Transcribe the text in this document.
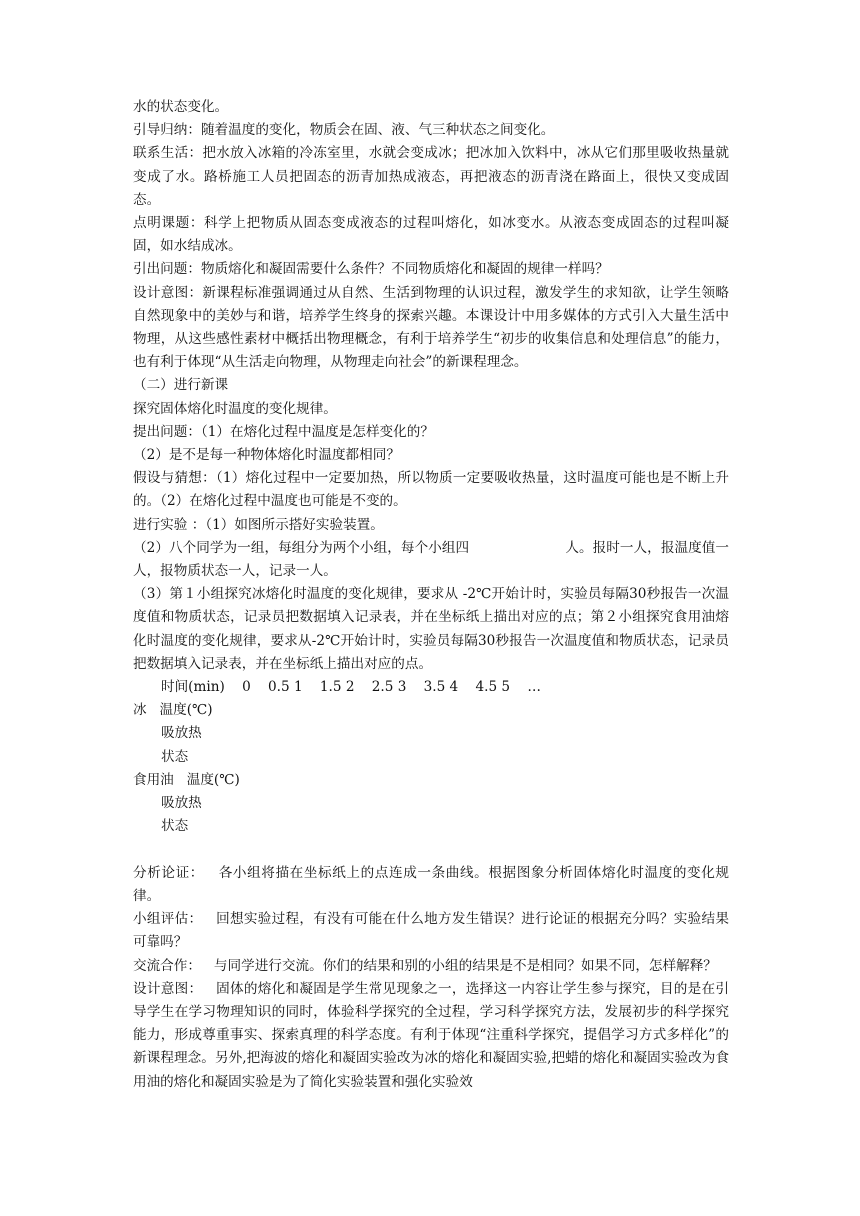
水的状态变化。

引导归纳：随着温度的变化，物质会在固、液、气三种状态之间变化。

联系生活：把水放入冰箱的冷冻室里，水就会变成冰；把冰加入饮料中，冰从它们那里吸收热量就变成了水。路桥施工人员把固态的沥青加热成液态，再把液态的沥青浇在路面上，很快又变成固态。

点明课题：科学上把物质从固态变成液态的过程叫熔化，如冰变水。从液态变成固态的过程叫凝固，如水结成冰。

引出问题：物质熔化和凝固需要什么条件？不同物质熔化和凝固的规律一样吗？

设计意图：新课程标准强调通过从自然、生活到物理的认识过程，激发学生的求知欲，让学生领略自然现象中的美妙与和谐，培养学生终身的探索兴趣。本课设计中用多媒体的方式引入大量生活中物理，从这些感性素材中概括出物理概念，有利于培养学生“初步的收集信息和处理信息”的能力，也有利于体现“从生活走向物理，从物理走向社会”的新课程理念。

（二）进行新课

探究固体熔化时温度的变化规律。

提出问题：（1）在熔化过程中温度是怎样变化的？

（2）是不是每一种物体熔化时温度都相同？

假设与猜想：（1）熔化过程中一定要加热，所以物质一定要吸收热量，这时温度可能也是不断上升的。（2）在熔化过程中温度也可能是不变的。

进行实验 ：（1）如图所示搭好实验装置。

（2）八个同学为一组，每组分为两个小组，每个小组四                      人。报时一人，报温度值一人，报物质状态一人，记录一人。

（3）第１小组探究冰熔化时温度的变化规律，要求从 -2℃开始计时，实验员每隔30秒报告一次温度值和物质状态，记录员把数据填入记录表，并在坐标纸上描出对应的点；第２小组探究食用油熔化时温度的变化规律，要求从-2℃开始计时，实验员每隔30秒报告一次温度值和物质状态，记录员把数据填入记录表，并在坐标纸上描出对应的点。

时间(min)    0    0.5 1    1.5 2    2.5 3    3.5 4    4.5 5    …

冰   温度(℃)

吸放热

状态

食用油   温度(℃)

吸放热

状态

分析论证：   各小组将描在坐标纸上的点连成一条曲线。根据图象分析固体熔化时温度的变化规律。

小组评估：   回想实验过程，有没有可能在什么地方发生错误？进行论证的根据充分吗？实验结果可靠吗？

交流合作：   与同学进行交流。你们的结果和别的小组的结果是不是相同？如果不同，怎样解释？

设计意图：   固体的熔化和凝固是学生常见现象之一，选择这一内容让学生参与探究，目的是在引导学生在学习物理知识的同时，体验科学探究的全过程，学习科学探究方法，发展初步的科学探究能力，形成尊重事实、探索真理的科学态度。有利于体现“注重科学探究，提倡学习方式多样化”的新课程理念。另外,把海波的熔化和凝固实验改为冰的熔化和凝固实验,把蜡的熔化和凝固实验改为食用油的熔化和凝固实验是为了简化实验装置和强化实验效
